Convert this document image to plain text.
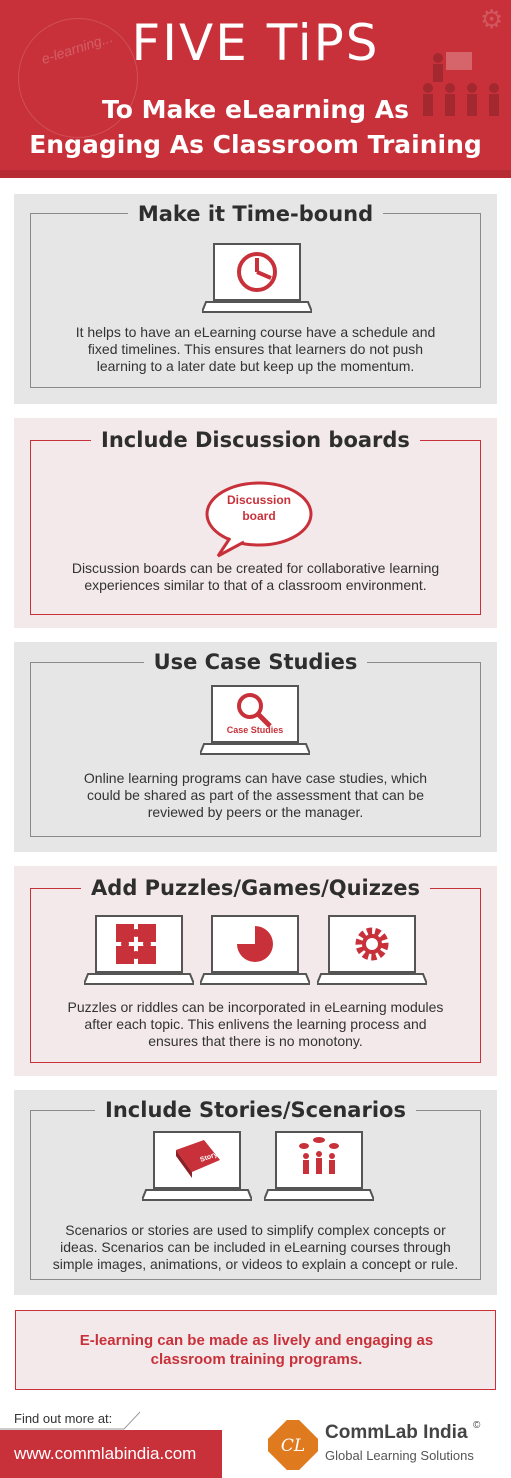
e-learning...
⚙
FIVE TiPS
To Make eLearning As
Engaging As Classroom Training
Make it Time-bound
It helps to have an eLearning course have a schedule and
fixed timelines. This ensures that learners do not push
learning to a later date but keep up the momentum.
Include Discussion boards
Discussion
board
Discussion boards can be created for collaborative learning
experiences similar to that of a classroom environment.
Use Case Studies
Case Studies
Online learning programs can have case studies, which
could be shared as part of the assessment that can be
reviewed by peers or the manager.
Add Puzzles/Games/Quizzes
Puzzles or riddles can be incorporated in eLearning modules
after each topic. This enlivens the learning process and
ensures that there is no monotony.
Include Stories/Scenarios
Story
Scenarios or stories are used to simplify complex concepts or
ideas. Scenarios can be included in eLearning courses through
simple images, animations, or videos to explain a concept or rule.
E-learning can be made as lively and engaging as
classroom training programs.
Find out more at:
www.commlabindia.com	CL
CommLab India ©
Global Learning Solutions
